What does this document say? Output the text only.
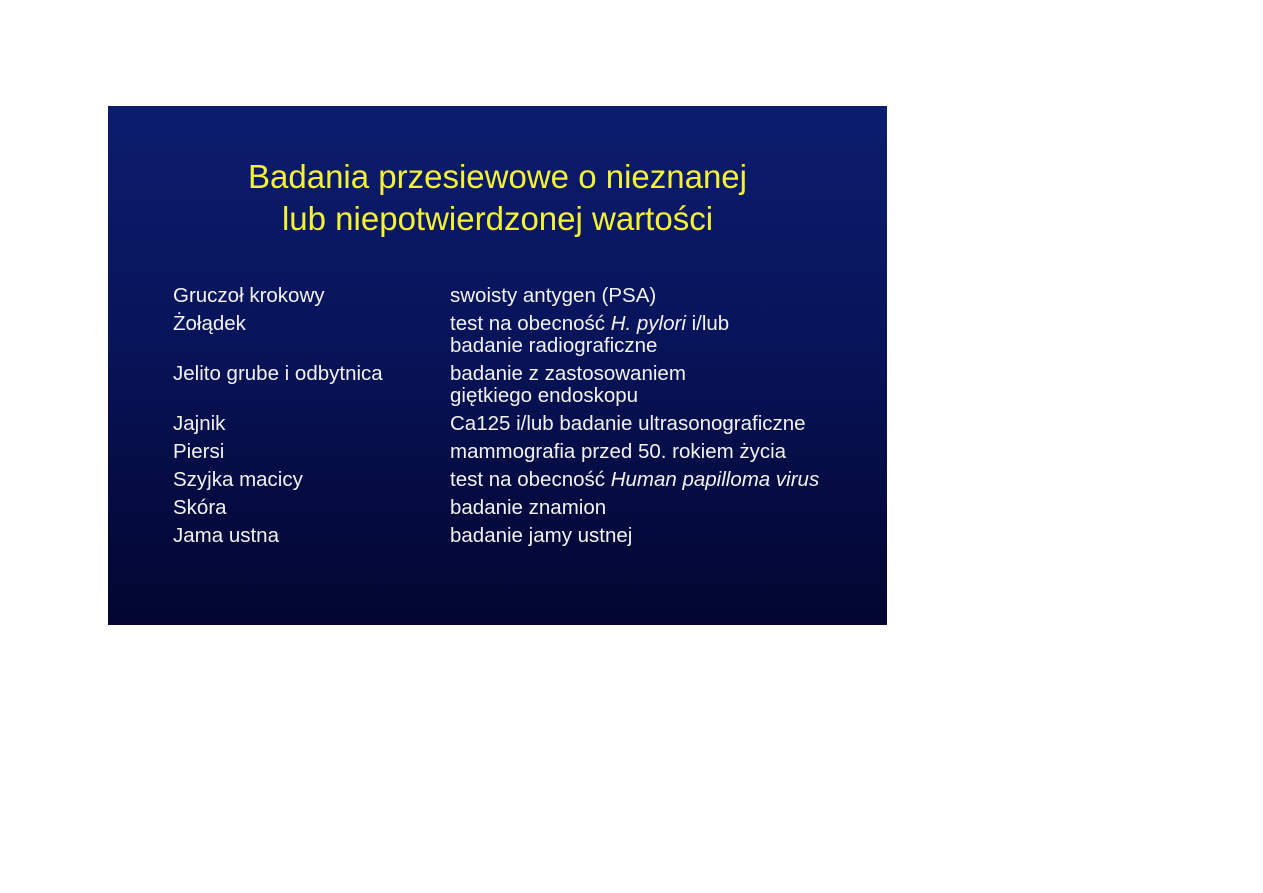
Badania przesiewowe o nieznanej
lub niepotwierdzonej wartości
Gruczoł krokowy	swoisty antygen (PSA)
Żołądek	test na obecność H. pylori i/lub
badanie radiograficzne
Jelito grube i odbytnica	badanie z zastosowaniem
giętkiego endoskopu
Jajnik	Ca125 i/lub badanie ultrasonograficzne
Piersi	mammografia przed 50. rokiem życia
Szyjka macicy	test na obecność Human papilloma virus
Skóra	badanie znamion
Jama ustna	badanie jamy ustnej
